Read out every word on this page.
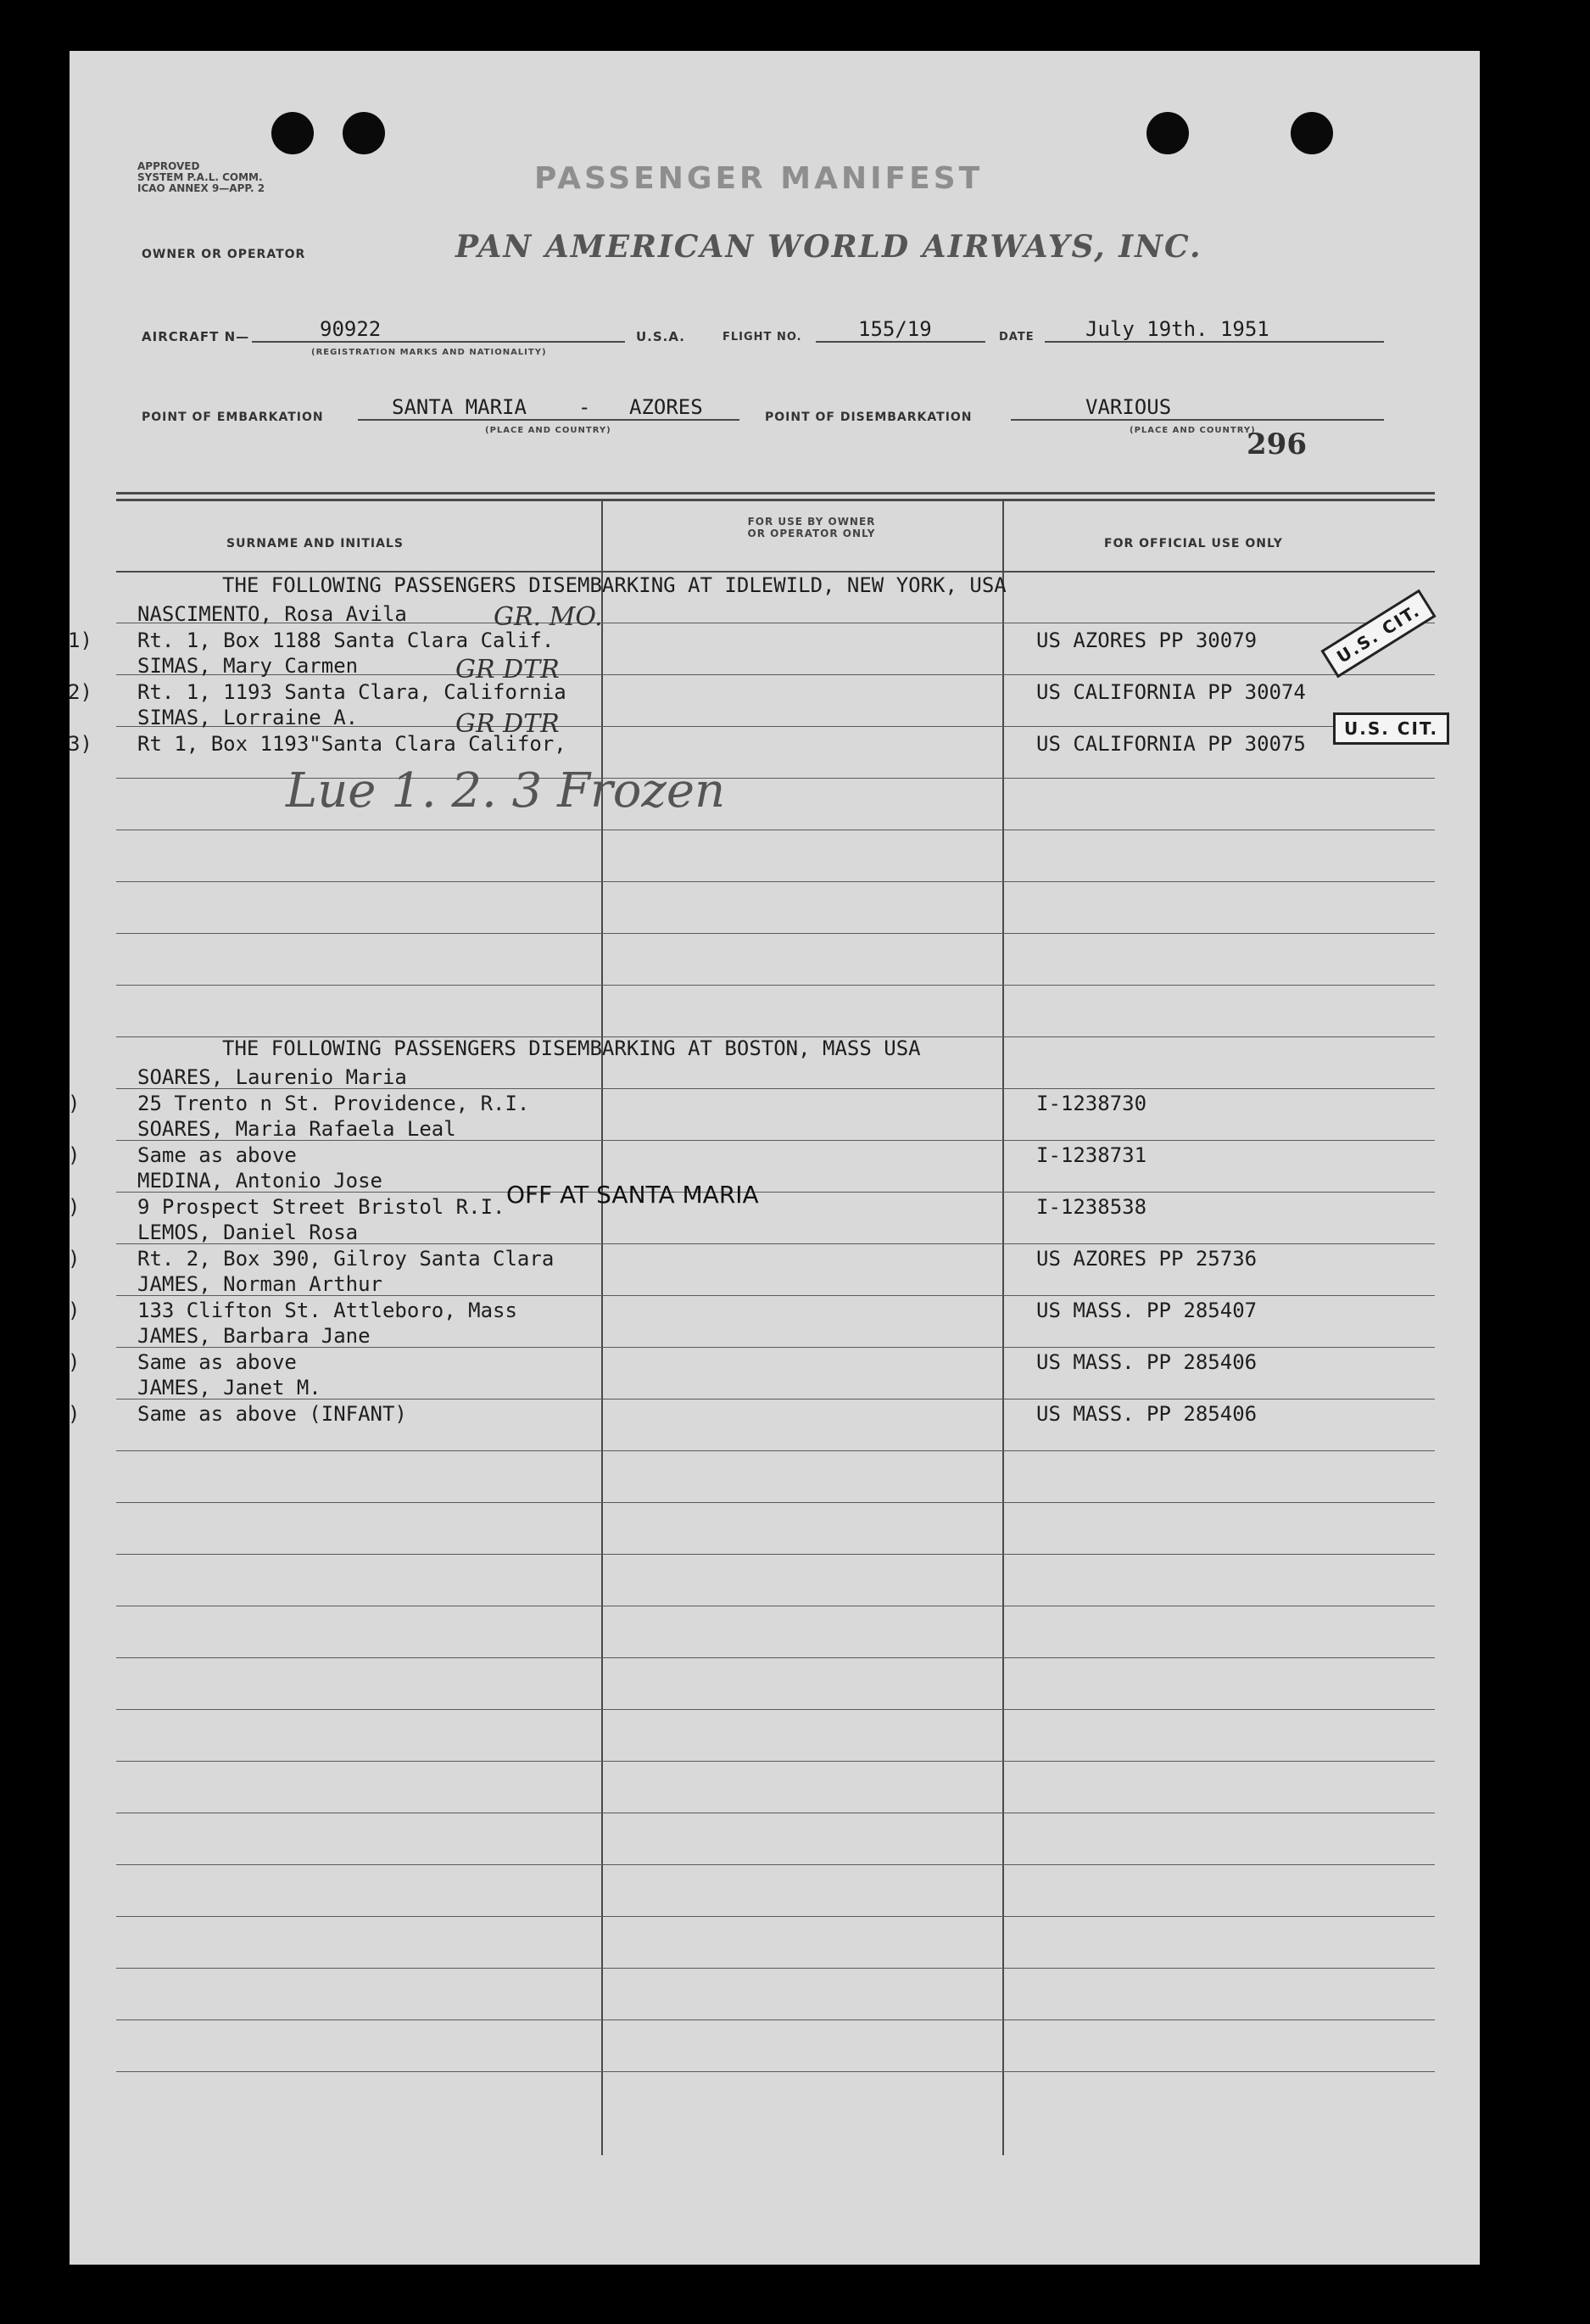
APPROVED
SYSTEM P.A.L. COMM.
ICAO ANNEX 9—APP. 2	PASSENGER MANIFEST
OWNER OR OPERATOR	PAN AMERICAN WORLD AIRWAYS, INC.
AIRCRAFT N—	90922
(REGISTRATION MARKS AND NATIONALITY)
U.S.A.	FLIGHT NO.	155/19	DATE	July 19th. 1951
POINT OF EMBARKATION	SANTA MARIA	- AZORES
(PLACE AND COUNTRY)
POINT OF DISEMBARKATION	VARIOUS
(PLACE AND COUNTRY)
296
SURNAME AND INITIALS
FOR USE BY OWNER
OR OPERATOR ONLY
FOR OFFICIAL USE ONLY
THE FOLLOWING PASSENGERS DISEMBARKING AT IDLEWILD, NEW YORK, USA
NASCIMENTO, Rosa Avila
1) Rt. 1, Box 1188 Santa Clara Calif.	US AZORES PP 30079
SIMAS, Mary Carmen
2) Rt. 1, 1193 Santa Clara, California	US CALIFORNIA PP 30074
SIMAS, Lorraine A.
3) Rt 1, Box 1193"Santa Clara Califor,	US CALIFORNIA PP 30075
GR. MO.
GR DTR
GR DTR
Lue 1. 2. 3 Frozen
U.S. CIT.
U.S. CIT.
THE FOLLOWING PASSENGERS DISEMBARKING AT BOSTON, MASS USA
SOARES, Laurenio Maria
)	25 Trento n St. Providence, R.I.	I-1238730
SOARES, Maria Rafaela Leal
)	Same as above	I-1238731
MEDINA, Antonio Jose
)	9 Prospect Street Bristol R.I.	I-1238538
LEMOS, Daniel Rosa
)	Rt. 2, Box 390, Gilroy Santa Clara	US AZORES PP 25736
JAMES, Norman Arthur
)	133 Clifton St. Attleboro, Mass	US MASS. PP 285407
JAMES, Barbara Jane
)	Same as above	US MASS. PP 285406
JAMES, Janet M.
)	Same as above (INFANT)	US MASS. PP 285406
OFF AT SANTA MARIA
